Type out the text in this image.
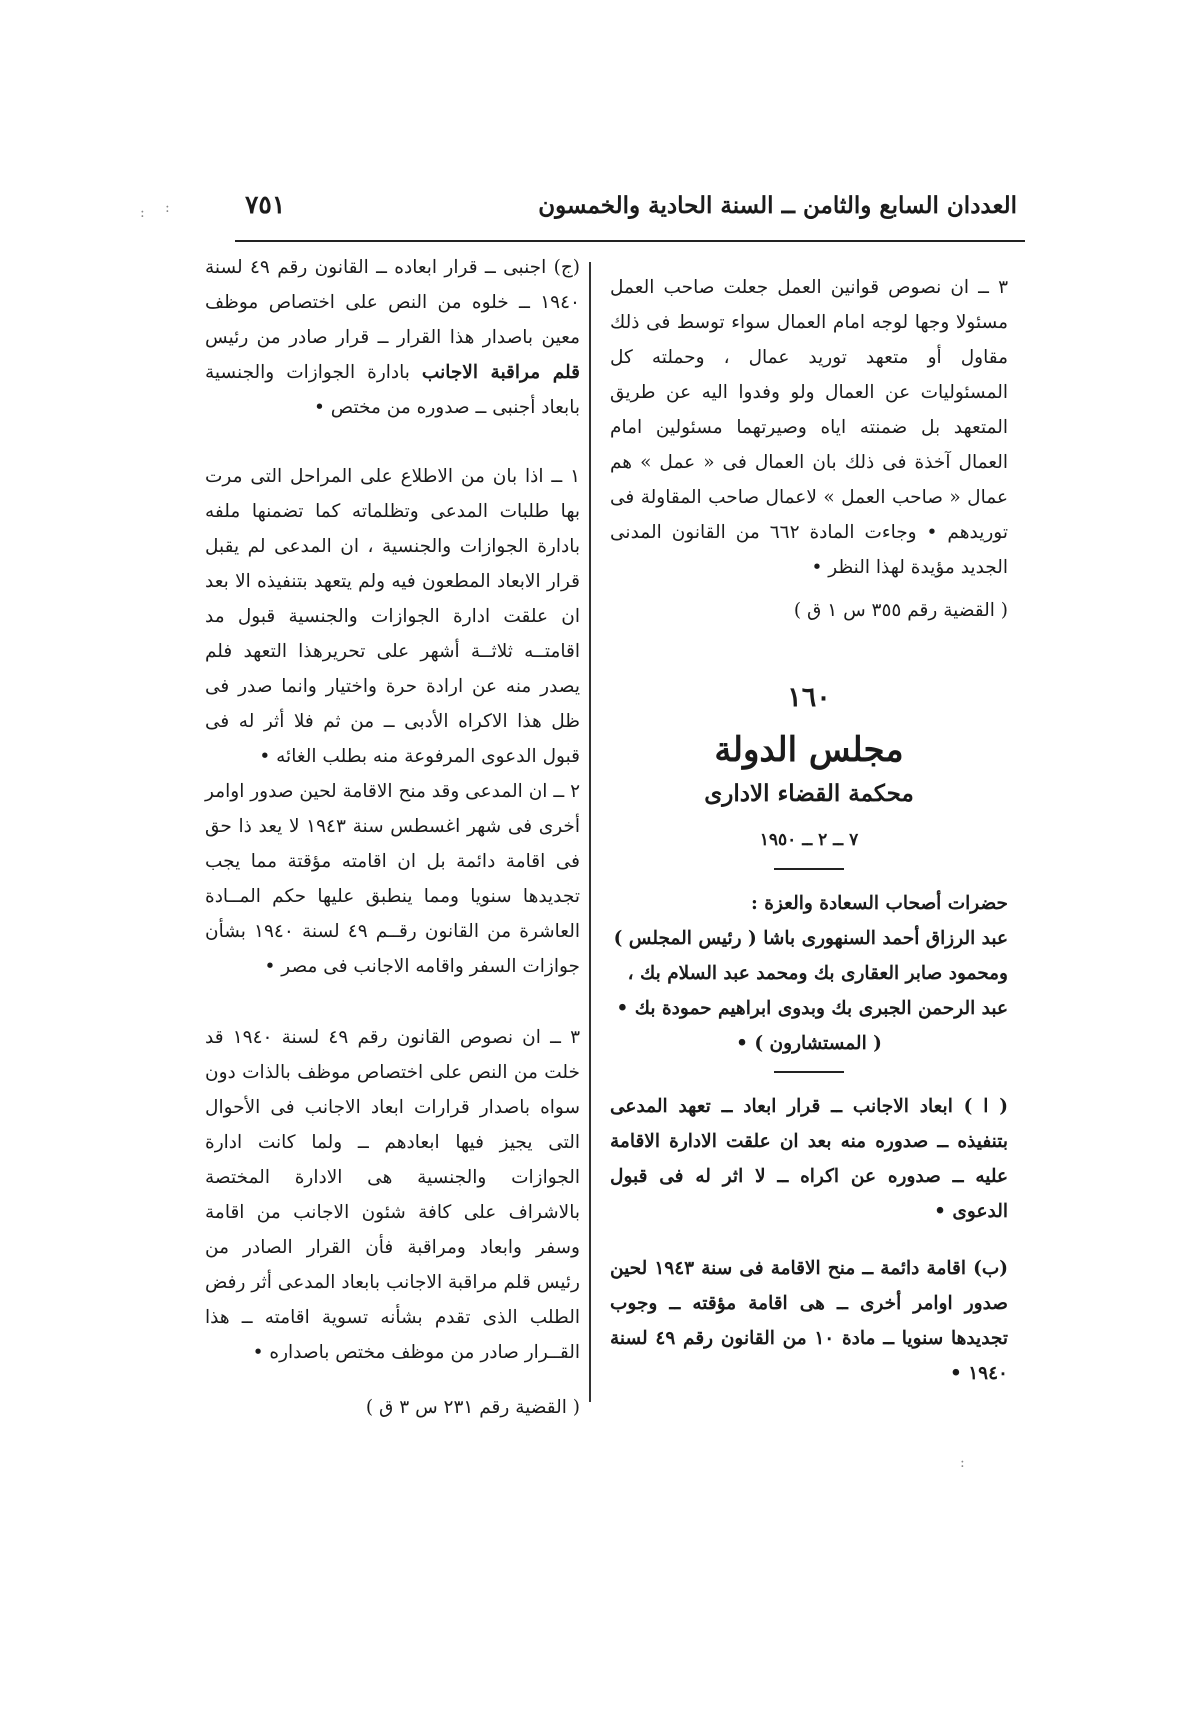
العددان السابع والثامن ــ السنة الحادية والخمسون
٧٥١

٣ ــ ان نصوص قوانين العمل جعلت صاحب العمل مسئولا وجها لوجه امام العمال سواء توسط فى ذلك مقاول أو متعهد توريد عمال ، وحملته كل المسئوليات عن العمال ولو وفدوا اليه عن طريق المتعهد بل ضمنته اياه وصيرتهما مسئولين امام العمال آخذة فى ذلك بان العمال فى « عمل » هم عمال « صاحب العمل » لاعمال صاحب المقاولة فى توريدهم • وجاءت المادة ٦٦٢ من القانون المدنى الجديد مؤيدة لهذا النظر •

( القضية رقم ٣٥٥ س ١ ق )
١٦٠
مجلس الدولة
محكمة القضاء الادارى
٧ ــ ٢ ــ ١٩٥٠
حضرات أصحاب السعادة والعزة :
عبد الرزاق أحمد السنهورى باشا ( رئيس المجلس )
ومحمود صابر العقارى بك ومحمد عبد السلام بك ،
عبد الرحمن الجبرى بك وبدوى ابراهيم حمودة بك •
( المستشارون ) •

( ا ) ابعاد الاجانب ــ قرار ابعاد ــ تعهد المدعى بتنفيذه ــ صدوره منه بعد ان علقت الادارة الاقامة عليه ــ صدوره عن اكراه ــ لا اثر له فى قبول الدعوى •

(ب) اقامة دائمة ــ منح الاقامة فى سنة ١٩٤٣ لحين صدور اوامر أخرى ــ هى اقامة مؤقته ــ وجوب تجديدها سنويا ــ مادة ١٠ من القانون رقم ٤٩ لسنة ١٩٤٠ •

(ج) اجنبى ــ قرار ابعاده ــ القانون رقم ٤٩ لسنة ١٩٤٠ ــ خلوه من النص على اختصاص موظف معين باصدار هذا القرار ــ قرار صادر من رئيس قلم مراقبة الاجانب بادارة الجوازات والجنسية بابعاد أجنبى ــ صدوره من مختص •

١ ــ اذا بان من الاطلاع على المراحل التى مرت بها طلبات المدعى وتظلماته كما تضمنها ملفه بادارة الجوازات والجنسية ، ان المدعى لم يقبل قرار الابعاد المطعون فيه ولم يتعهد بتنفيذه الا بعد ان علقت ادارة الجوازات والجنسية قبول مد اقامتــه ثلاثــة أشهر على تحريرهذا التعهد فلم يصدر منه عن ارادة حرة واختيار وانما صدر فى ظل هذا الاكراه الأدبى ــ من ثم فلا أثر له فى قبول الدعوى المرفوعة منه بطلب الغائه •

٢ ــ ان المدعى وقد منح الاقامة لحين صدور اوامر أخرى فى شهر اغسطس سنة ١٩٤٣ لا يعد ذا حق فى اقامة دائمة بل ان اقامته مؤقتة مما يجب تجديدها سنويا ومما ينطبق عليها حكم المــادة العاشرة من القانون رقــم ٤٩ لسنة ١٩٤٠ بشأن جوازات السفر واقامه الاجانب فى مصر •

٣ ــ ان نصوص القانون رقم ٤٩ لسنة ١٩٤٠ قد خلت من النص على اختصاص موظف بالذات دون سواه باصدار قرارات ابعاد الاجانب فى الأحوال التى يجيز فيها ابعادهم ــ ولما كانت ادارة الجوازات والجنسية هى الادارة المختصة بالاشراف على كافة شئون الاجانب من اقامة وسفر وابعاد ومراقبة فأن القرار الصادر من رئيس قلم مراقبة الاجانب بابعاد المدعى أثر رفض الطلب الذى تقدم بشأنه تسوية اقامته ــ هذا القــرار صادر من موظف مختص باصداره •

( القضية رقم ٢٣١ س ٣ ق )
: :
:
